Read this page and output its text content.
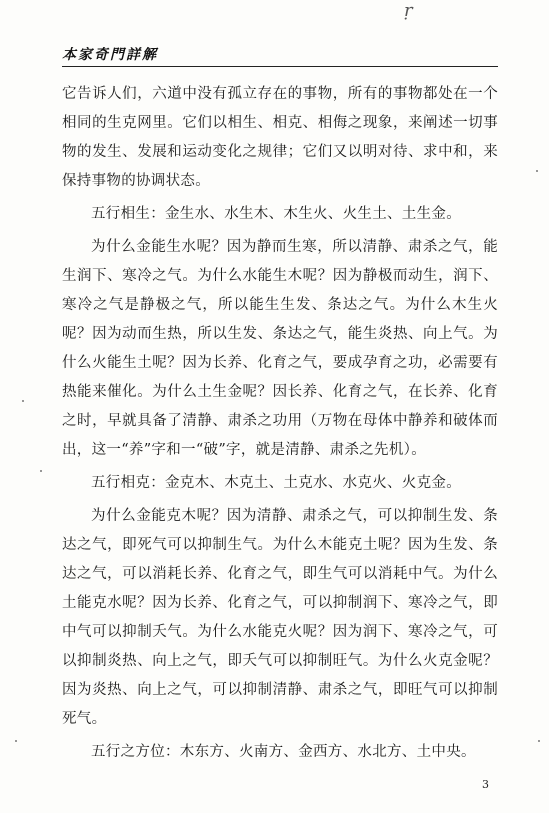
ṛ
本家奇門詳解

它告诉人们，六道中没有孤立存在的事物，所有的事物都处在一个相同的生克网里。它们以相生、相克、相侮之现象，来阐述一切事物的发生、发展和运动变化之规律；它们又以明对待、求中和，来保持事物的协调状态。

五行相生：金生水、水生木、木生火、火生土、土生金。

为什么金能生水呢？因为静而生寒，所以清静、肃杀之气，能生润下、寒冷之气。为什么水能生木呢？因为静极而动生，润下、寒冷之气是静极之气，所以能生生发、条达之气。为什么木生火呢？因为动而生热，所以生发、条达之气，能生炎热、向上气。为什么火能生土呢？因为长养、化育之气，要成孕育之功，必需要有热能来催化。为什么土生金呢？因长养、化育之气，在长养、化育之时，早就具备了清静、肃杀之功用（万物在母体中静养和破体而出，这一“养”字和一“破”字，就是清静、肃杀之先机）。

五行相克：金克木、木克土、土克水、水克火、火克金。

为什么金能克木呢？因为清静、肃杀之气，可以抑制生发、条达之气，即死气可以抑制生气。为什么木能克土呢？因为生发、条达之气，可以消耗长养、化育之气，即生气可以消耗中气。为什么土能克水呢？因为长养、化育之气，可以抑制润下、寒冷之气，即中气可以抑制夭气。为什么水能克火呢？因为润下、寒冷之气，可以抑制炎热、向上之气，即夭气可以抑制旺气。为什么火克金呢？因为炎热、向上之气，可以抑制清静、肃杀之气，即旺气可以抑制死气。

五行之方位：木东方、火南方、金西方、水北方、土中央。

3
